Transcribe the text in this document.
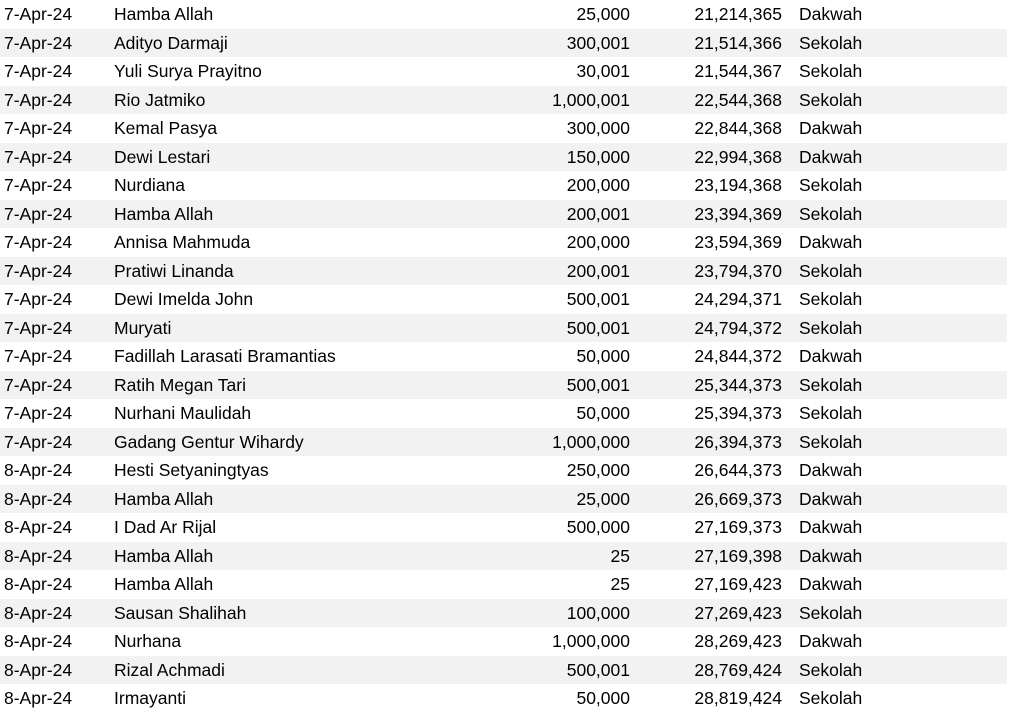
7-Apr-24	Hamba Allah	25,000	21,214,365 Dakwah
7-Apr-24	Adityo Darmaji	300,001	21,514,366 Sekolah
7-Apr-24	Yuli Surya Prayitno	30,001	21,544,367 Sekolah
7-Apr-24	Rio Jatmiko	1,000,001	22,544,368 Sekolah
7-Apr-24	Kemal Pasya	300,000	22,844,368 Dakwah
7-Apr-24	Dewi Lestari	150,000	22,994,368 Dakwah
7-Apr-24	Nurdiana	200,000	23,194,368 Sekolah
7-Apr-24	Hamba Allah	200,001	23,394,369 Sekolah
7-Apr-24	Annisa Mahmuda	200,000	23,594,369 Dakwah
7-Apr-24	Pratiwi Linanda	200,001	23,794,370 Sekolah
7-Apr-24	Dewi Imelda John	500,001	24,294,371 Sekolah
7-Apr-24	Muryati	500,001	24,794,372 Sekolah
7-Apr-24	Fadillah Larasati Bramantias	50,000	24,844,372 Dakwah
7-Apr-24	Ratih Megan Tari	500,001	25,344,373 Sekolah
7-Apr-24	Nurhani Maulidah	50,000	25,394,373 Sekolah
7-Apr-24	Gadang Gentur Wihardy	1,000,000	26,394,373 Sekolah
8-Apr-24	Hesti Setyaningtyas	250,000	26,644,373 Dakwah
8-Apr-24	Hamba Allah	25,000	26,669,373 Dakwah
8-Apr-24	I Dad Ar Rijal	500,000	27,169,373 Dakwah
8-Apr-24	Hamba Allah	25	27,169,398 Dakwah
8-Apr-24	Hamba Allah	25	27,169,423 Dakwah
8-Apr-24	Sausan Shalihah	100,000	27,269,423 Sekolah
8-Apr-24	Nurhana	1,000,000	28,269,423 Dakwah
8-Apr-24	Rizal Achmadi	500,001	28,769,424 Sekolah
8-Apr-24	Irmayanti	50,000	28,819,424 Sekolah
